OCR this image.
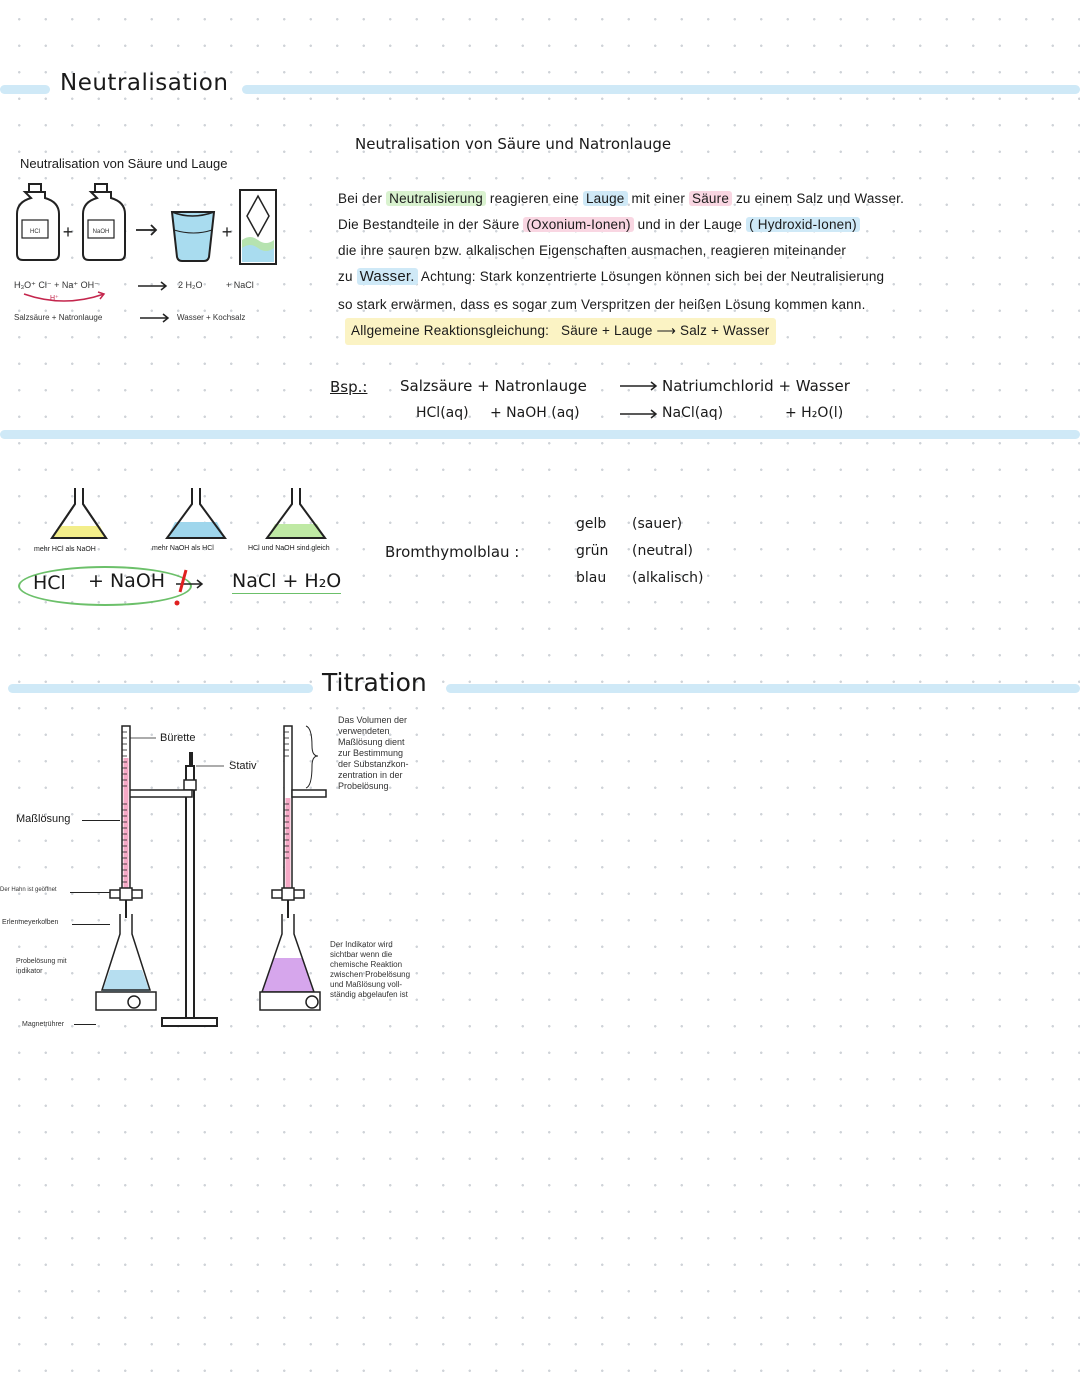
Neutralisation
Neutralisation von Säure und Lauge
HCl +	NaOH	+
H₃O⁺ Cl⁻ + Na⁺ OH⁻
H⁺
2 H₂O	+ NaCl
Salzsäure + Natronlauge	Wasser + Kochsalz
Neutralisation von Säure und Natronlauge
Bei der Neutralisierung reagieren eine Lauge mit einer Säure zu einem Salz und Wasser.
Die Bestandteile in der Säure (Oxonium-Ionen) und in der Lauge ( Hydroxid-Ionen)
die ihre sauren bzw. alkalischen Eigenschaften ausmachen, reagieren miteinander
zu Wasser. Achtung: Stark konzentrierte Lösungen können sich bei der Neutralisierung
so stark erwärmen, dass es sogar zum Verspritzen der heißen Lösung kommen kann.
Allgemeine Reaktionsgleichung: Säure + Lauge ⟶ Salz + Wasser
Bsp.: Salzsäure + Natronlauge	Natriumchlorid + Wasser
HCl(aq) + NaOH (aq)	NaCl(aq)	+ H₂O(l)
mehr HCl als NaOH	mehr NaOH als HCl	HCl und NaOH sind gleich
HCl + NaOH	NaCl + H₂O
Bromthymolblau :
gelb (sauer)
grün (neutral)
blau (alkalisch)
Titration
Bürette
Stativ
Maßlösung
Der Hahn ist geöffnet
Erlenmeyerkolben
Probelösung mit indikator
Magnetrührer
Das Volumen der
verwendeten
Maßlösung dient
zur Bestimmung
der Substanzkon-
zentration in der
Probelösung
Der Indikator wird
sichtbar wenn die
chemische Reaktion
zwischen Probelösung
und Maßlösung voll-
ständig abgelaufen ist
